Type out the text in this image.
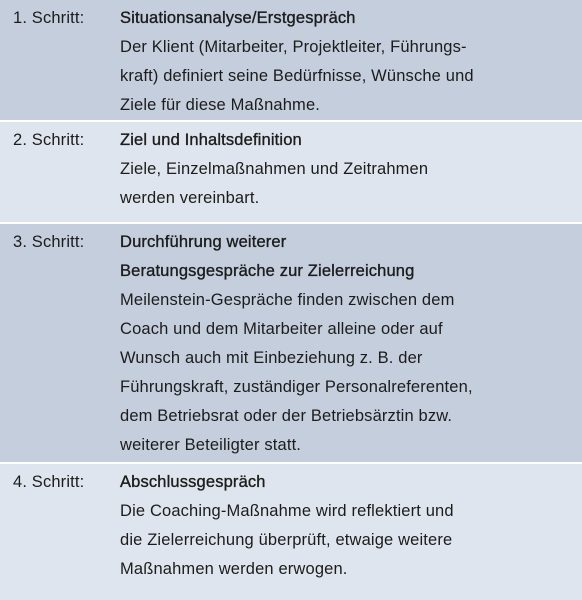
1. Schritt:	Situationsanalyse/Erstgespräch
Der Klient (Mitarbeiter, Projektleiter, Führungs-
kraft) definiert seine Bedürfnisse, Wünsche und
Ziele für diese Maßnahme.
2. Schritt:	Ziel und Inhaltsdefinition
Ziele, Einzelmaßnahmen und Zeitrahmen
werden vereinbart.
3. Schritt:	Durchführung weiterer
Beratungsgespräche zur Zielerreichung
Meilenstein-Gespräche finden zwischen dem
Coach und dem Mitarbeiter alleine oder auf
Wunsch auch mit Einbeziehung z. B. der
Führungskraft, zuständiger Personalreferenten,
dem Betriebsrat oder der Betriebsärztin bzw.
weiterer Beteiligter statt.
4. Schritt:	Abschlussgespräch
Die Coaching-Maßnahme wird reflektiert und
die Zielerreichung überprüft, etwaige weitere
Maßnahmen werden erwogen.
